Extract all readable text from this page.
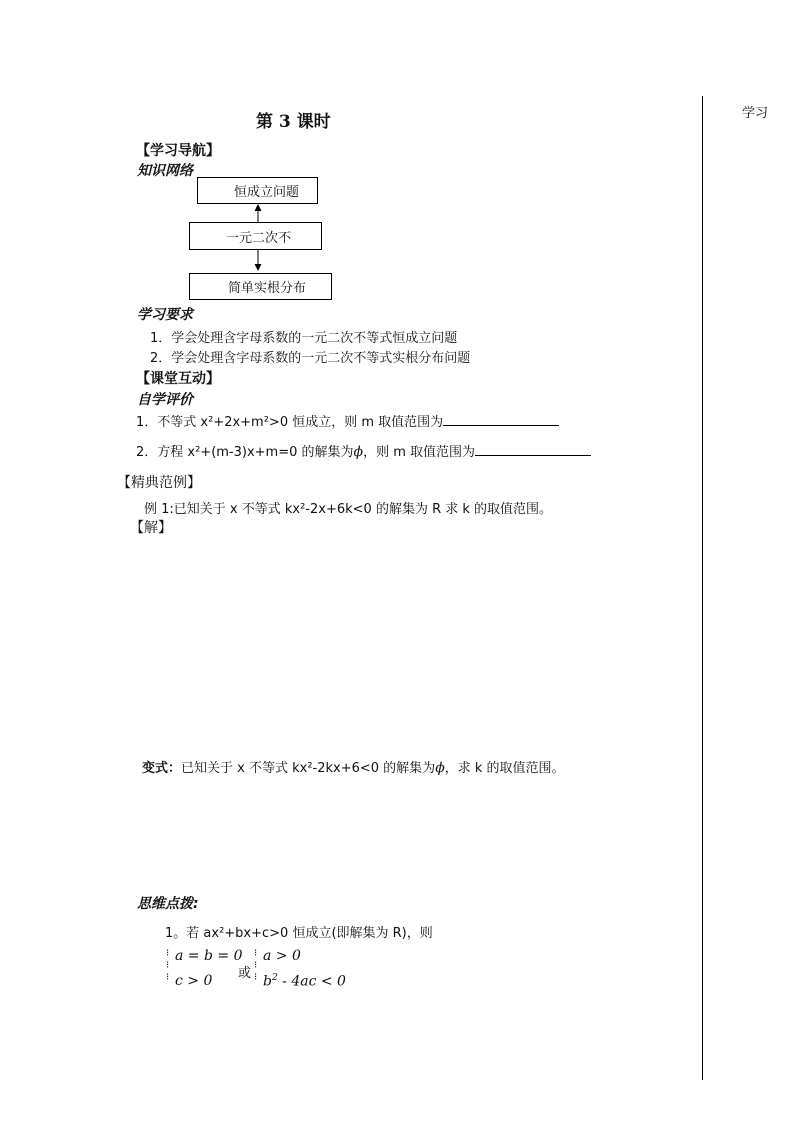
学习
第 3 课时
【学习导航】
知识网络
恒成立问题
一元二次不
简单实根分布
学习要求
1．学会处理含字母系数的一元二次不等式恒成立问题
2．学会处理含字母系数的一元二次不等式实根分布问题
【课堂互动】
自学评价
1．不等式 x²+2x+m²>0 恒成立，则 m 取值范围为
2．方程 x²+(m-3)x+m=0 的解集为ϕ，则 m 取值范围为
【精典范例】
例 1:已知关于 x 不等式 kx²-2x+6k<0 的解集为 R 求 k 的取值范围。
【解】
变式：已知关于 x 不等式 kx²-2kx+6<0 的解集为ϕ，求 k 的取值范围。
思维点拨:
1。若 ax²+bx+c>0 恒成立(即解集为 R)，则
⁝
⁝
⁝
a = b = 0
c > 0 或
⁝
⁝
⁝
a > 0
$b^2 - 4ac < 0$
